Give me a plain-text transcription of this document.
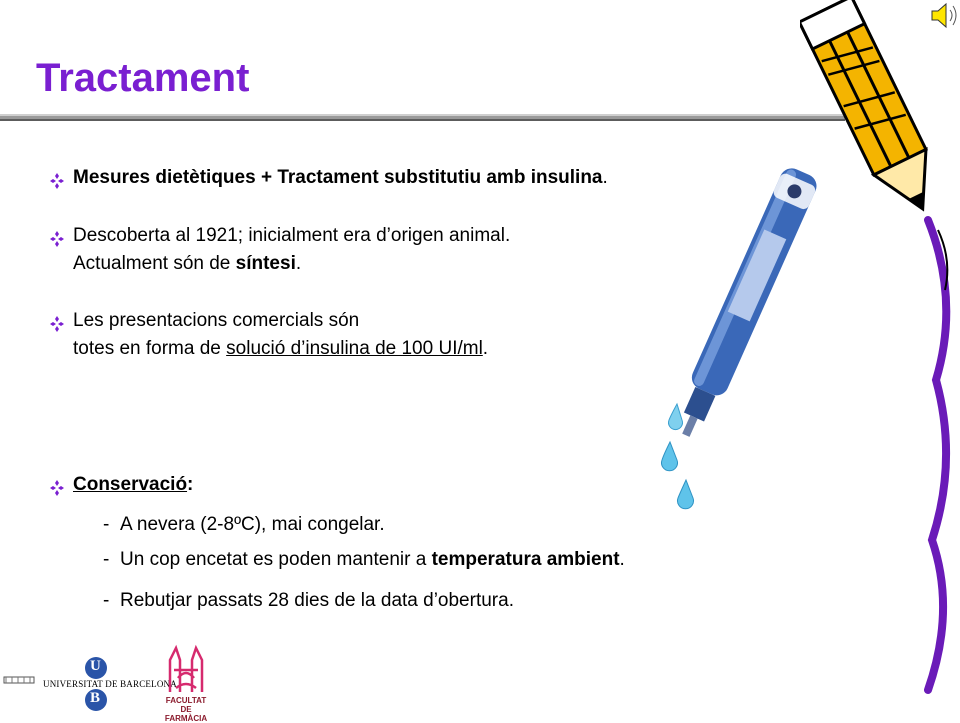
Tractament
Mesures dietètiques + Tractament substitutiu amb insulina.
Descoberta al 1921; inicialment era d’origen animal.
Actualment són de síntesi.
Les presentacions comercials són
totes en forma de solució d’insulina de 100 UI/ml.
Conservació:
- A nevera (2-8ºC), mai congelar.
- Un cop encetat es poden mantenir a temperatura ambient.
- Rebutjar passats 28 dies de la data d’obertura.
U
B
UNIVERSITAT DE BARCELONA
FACULTAT DE
FARMÀCIA
